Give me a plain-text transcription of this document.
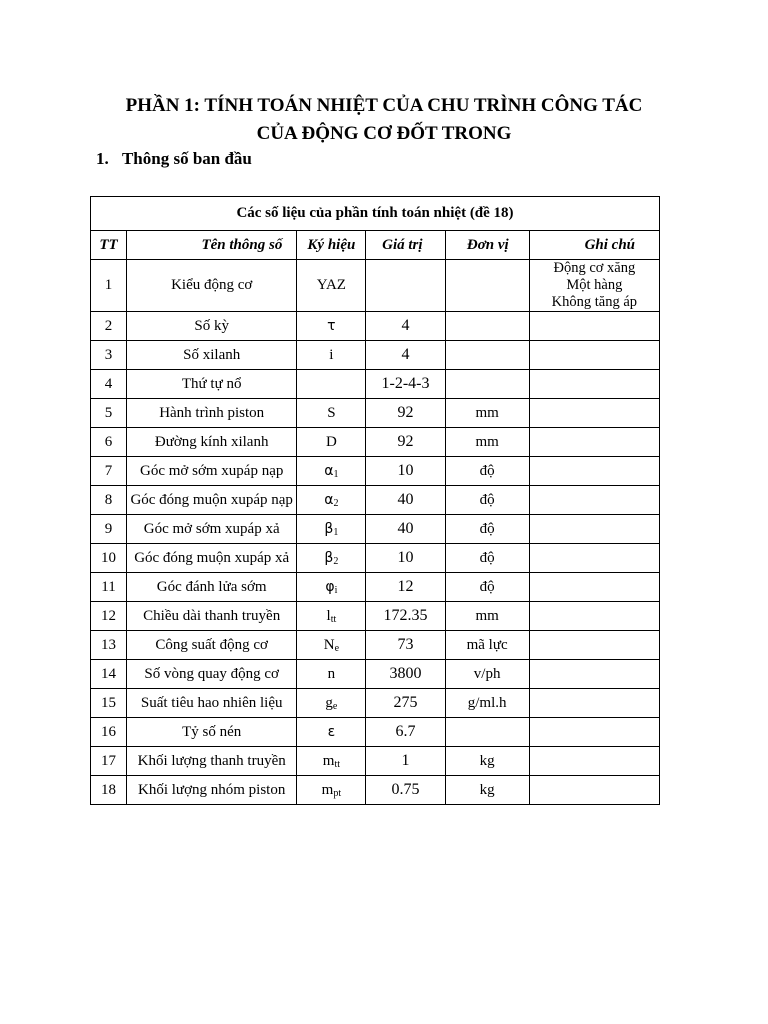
PHẦN 1: TÍNH TOÁN NHIỆT CỦA CHU TRÌNH CÔNG TÁC
CỦA ĐỘNG CƠ ĐỐT TRONG
1. Thông số ban đầu
Các số liệu của phần tính toán nhiệt (đề 18)					
TT	Tên thông số	Ký hiệu	Giá trị	Đơn vị	Ghi chú
1	Kiểu động cơ	YAZ			Động cơ xăng
Một hàng
Không tăng áp

2	Số kỳ	τ	4		
3	Số xilanh	i	4		
4	Thứ tự nổ		1-2-4-3		
5	Hành trình piston	S	92	mm	
6	Đường kính xilanh	D	92	mm	
7	Góc mở sớm xupáp nạp	α1	10	độ	
8	Góc đóng muộn xupáp nạp	α2	40	độ	
9	Góc mở sớm xupáp xả	β1	40	độ	
10	Góc đóng muộn xupáp xả	β2	10	độ	
11	Góc đánh lửa sớm	φi	12	độ	
12	Chiều dài thanh truyền	ltt	172.35	mm	
13	Công suất động cơ	Ne	73	mã lực	
14	Số vòng quay động cơ	n	3800	v/ph	
15	Suất tiêu hao nhiên liệu	ge	275	g/ml.h	
16	Tỷ số nén	ε	6.7		
17	Khối lượng thanh truyền	mtt	1	kg	
18	Khối lượng nhóm piston	mpt	0.75	kg	
